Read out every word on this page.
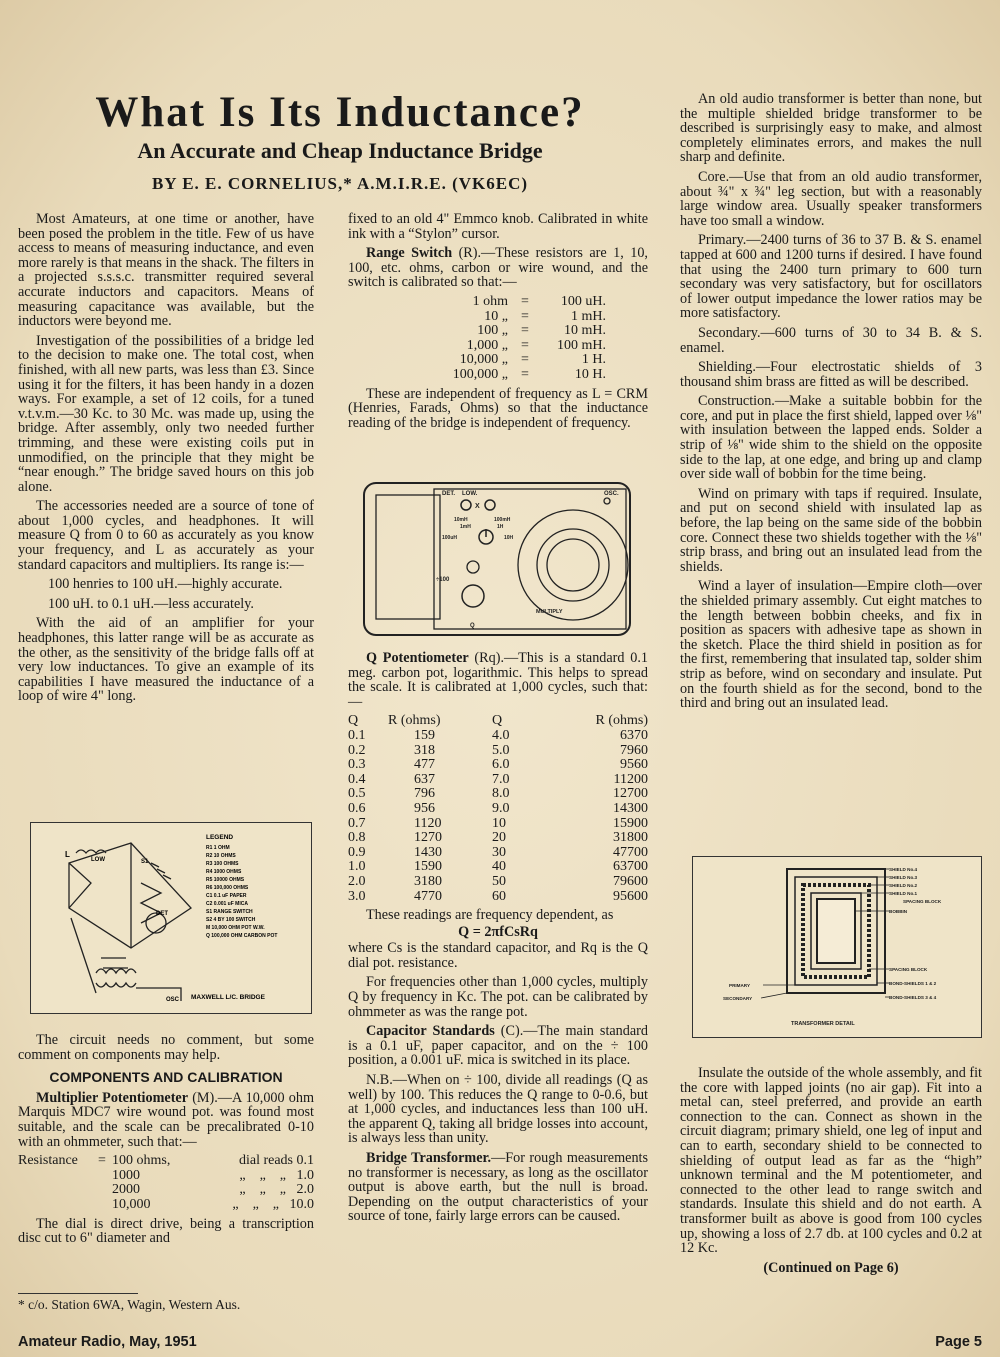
What Is Its Inductance?
An Accurate and Cheap Inductance Bridge
BY E. E. CORNELIUS,* A.M.I.R.E. (VK6EC)

Most Amateurs, at one time or another, have been posed the problem in the title. Few of us have access to means of measuring inductance, and even more rarely is that means in the shack. The filters in a projected s.s.s.c. transmitter required several accurate inductors and capacitors. Means of measuring capacitance was available, but the inductors were beyond me.

Investigation of the possibilities of a bridge led to the decision to make one. The total cost, when finished, with all new parts, was less than £3. Since using it for the filters, it has been handy in a dozen ways. For example, a set of 12 coils, for a tuned v.t.v.m.—30 Kc. to 30 Mc. was made up, using the bridge. After assembly, only two needed further trimming, and these were existing coils put in unmodified, on the principle that they might be “near enough.” The bridge saved hours on this job alone.

The accessories needed are a source of tone of about 1,000 cycles, and headphones. It will measure Q from 0 to 60 as accurately as you know your frequency, and L as accurately as your standard capacitors and multipliers. Its range is:—

100 henries to 100 uH.—highly accurate.

100 uH. to 0.1 uH.—less accurately.

With the aid of an amplifier for your headphones, this latter range will be as accurate as the other, as the sensitivity of the bridge falls off at very low inductances. To give an example of its capabilities I have measured the inductance of a loop of wire 4" long.

L
LOW	S1
DET
OSC
LEGEND
R1 1 OHM
R2 10 OHMS
R3 100 OHMS
R4 1000 OHMS
R5 10000 OHMS
R6 100,000 OHMS
C1 0.1 uF PAPER
C2 0.001 uF MICA
S1 RANGE SWITCH
S2 4 BY 100 SWITCH
M 10,000 OHM POT W.W.
Q 100,000 OHM CARBON POT
MAXWELL L/C. BRIDGE

The circuit needs no comment, but some comment on components may help.

COMPONENTS AND CALIBRATION

Multiplier Potentiometer (M).—A 10,000 ohm Marquis MDC7 wire wound pot. was found most suitable, and the scale can be precalibrated 0-10 with an ohmmeter, such that:—

Resistance	=	100 ohms,	dial reads 0.1
		1000	„ „ „ 1.0
		2000	„ „ „ 2.0
		10,000	„ „ „ 10.0

The dial is direct drive, being a transcription disc cut to 6" diameter and

* c/o. Station 6WA, Wagin, Western Aus.

fixed to an old 4" Emmco knob. Calibrated in white ink with a “Stylon” cursor.

Range Switch (R).—These resistors are 1, 10, 100, etc. ohms, carbon or wire wound, and the switch is calibrated so that:—

1 ohm	=	100 uH.
10 „	=	1 mH.
100 „	=	10 mH.
1,000 „	=	100 mH.
10,000 „	=	1 H.
100,000 „	=	10 H.

These are independent of frequency as L = CRM (Henries, Farads, Ohms) so that the inductance reading of the bridge is independent of frequency.

DET. LOW.	OSC.
X
10mH	100mH
1mH	1H
100uH	10H
÷100
MULTIPLY
Q

Q Potentiometer (Rq).—This is a standard 0.1 meg. carbon pot, logarithmic. This helps to spread the scale. It is calibrated at 1,000 cycles, such that:—

Q	R (ohms)	Q	R (ohms)
0.1	159	4.0	6370
0.2	318	5.0	7960
0.3	477	6.0	9560
0.4	637	7.0	11200
0.5	796	8.0	12700
0.6	956	9.0	14300
0.7	1120	10	15900
0.8	1270	20	31800
0.9	1430	30	47700
1.0	1590	40	63700
2.0	3180	50	79600
3.0	4770	60	95600

These readings are frequency dependent, as

Q = 2πfCsRq

where Cs is the standard capacitor, and Rq is the Q dial pot. resistance.

For frequencies other than 1,000 cycles, multiply Q by frequency in Kc. The pot. can be calibrated by ohmmeter as was the range pot.

Capacitor Standards (C).—The main standard is a 0.1 uF, paper capacitor, and on the ÷ 100 position, a 0.001 uF. mica is switched in its place.

N.B.—When on ÷ 100, divide all readings (Q as well) by 100. This reduces the Q range to 0-0.6, but at 1,000 cycles, and inductances less than 100 uH. the apparent Q, taking all bridge losses into account, is always less than unity.

Bridge Transformer.—For rough measurements no transformer is necessary, as long as the oscillator output is above earth, but the null is broad. Depending on the output characteristics of your source of tone, fairly large errors can be caused.

An old audio transformer is better than none, but the multiple shielded bridge transformer to be described is surprisingly easy to make, and almost completely eliminates errors, and makes the null sharp and definite.

Core.—Use that from an old audio transformer, about ¾" x ¾" leg section, but with a reasonably large window area. Usually speaker transformers have too small a window.

Primary.—2400 turns of 36 to 37 B. & S. enamel tapped at 600 and 1200 turns if desired. I have found that using the 2400 turn primary to 600 turn secondary was very satisfactory, but for oscillators of lower output impedance the lower ratios may be more satisfactory.

Secondary.—600 turns of 30 to 34 B. & S. enamel.

Shielding.—Four electrostatic shields of 3 thousand shim brass are fitted as will be described.

Construction.—Make a suitable bobbin for the core, and put in place the first shield, lapped over ⅛" with insulation between the lapped ends. Solder a strip of ⅛" wide shim to the shield on the opposite side to the lap, at one edge, and bring up and clamp over side wall of bobbin for the time being.

Wind on primary with taps if required. Insulate, and put on second shield with insulated lap as before, the lap being on the same side of the bobbin core. Connect these two shields together with the ⅛" strip brass, and bring out an insulated lead from the shields.

Wind a layer of insulation—Empire cloth—over the shielded primary assembly. Cut eight matches to the length between bobbin cheeks, and fix in position as spacers with adhesive tape as shown in the sketch. Place the third shield in position as for the first, remembering that insulated tap, solder shim strip as before, wind on secondary and insulate. Put on the fourth shield as for the second, bond to the third and bring out an insulated lead.

SHIELD No.4
SHIELD No.3
SHIELD No.2
SHIELD No.1
SPACING BLOCK
BOBBIN
SPACING BLOCK
BOND-SHIELDS 1 & 2
BOND-SHIELDS 3 & 4
PRIMARY
SECONDARY
TRANSFORMER DETAIL

Insulate the outside of the whole assembly, and fit the core with lapped joints (no air gap). Fit into a metal can, steel preferred, and provide an earth connection to the can. Connect as shown in the circuit diagram; primary shield, one leg of input and can to earth, secondary shield to be connected to shielding of output lead as far as the “high” unknown terminal and the M potentiometer, and connected to the other lead to range switch and standards. Insulate this shield and do not earth. A transformer built as above is good from 100 cycles up, showing a loss of 2.7 db. at 100 cycles and 0.2 at 12 Kc.

(Continued on Page 6)
Amateur Radio, May, 1951	Page 5
